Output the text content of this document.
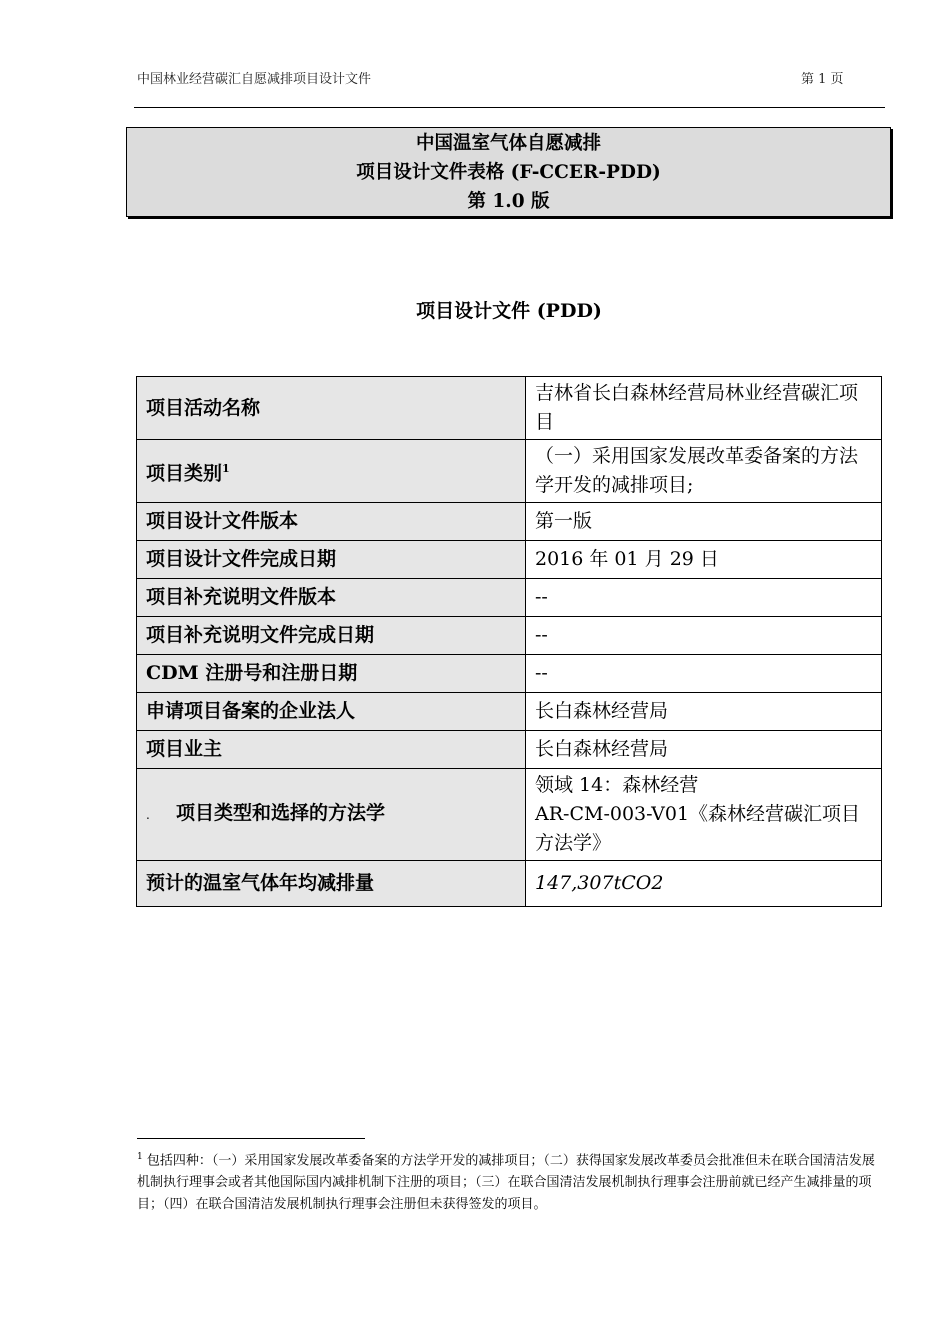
中国林业经营碳汇自愿减排项目设计文件	第 1 页
中国温室气体自愿减排
项目设计文件表格 (F-CCER-PDD)
第 1.0 版
项目设计文件 (PDD)
项目活动名称	吉林省长白森林经营局林业经营碳汇项目
项目类别$^1$	（一）采用国家发展改革委备案的方法学开发的减排项目;
项目设计文件版本	第一版
项目设计文件完成日期	2016 年 01 月 29 日
项目补充说明文件版本	--
项目补充说明文件完成日期	--
CDM 注册号和注册日期	--
申请项目备案的企业法人	长白森林经营局
项目业主	长白森林经营局
. 项目类型和选择的方法学	领域 14：森林经营
AR-CM-003-V01《森林经营碳汇项目方法学》

预计的温室气体年均减排量	147,307tCO2
$^1$ 包括四种：（一）采用国家发展改革委备案的方法学开发的减排项目；（二）获得国家发展改革委员会批准但未在联合国清洁发展机制执行理事会或者其他国际国内减排机制下注册的项目；（三）在联合国清洁发展机制执行理事会注册前就已经产生减排量的项目；（四）在联合国清洁发展机制执行理事会注册但未获得签发的项目。
